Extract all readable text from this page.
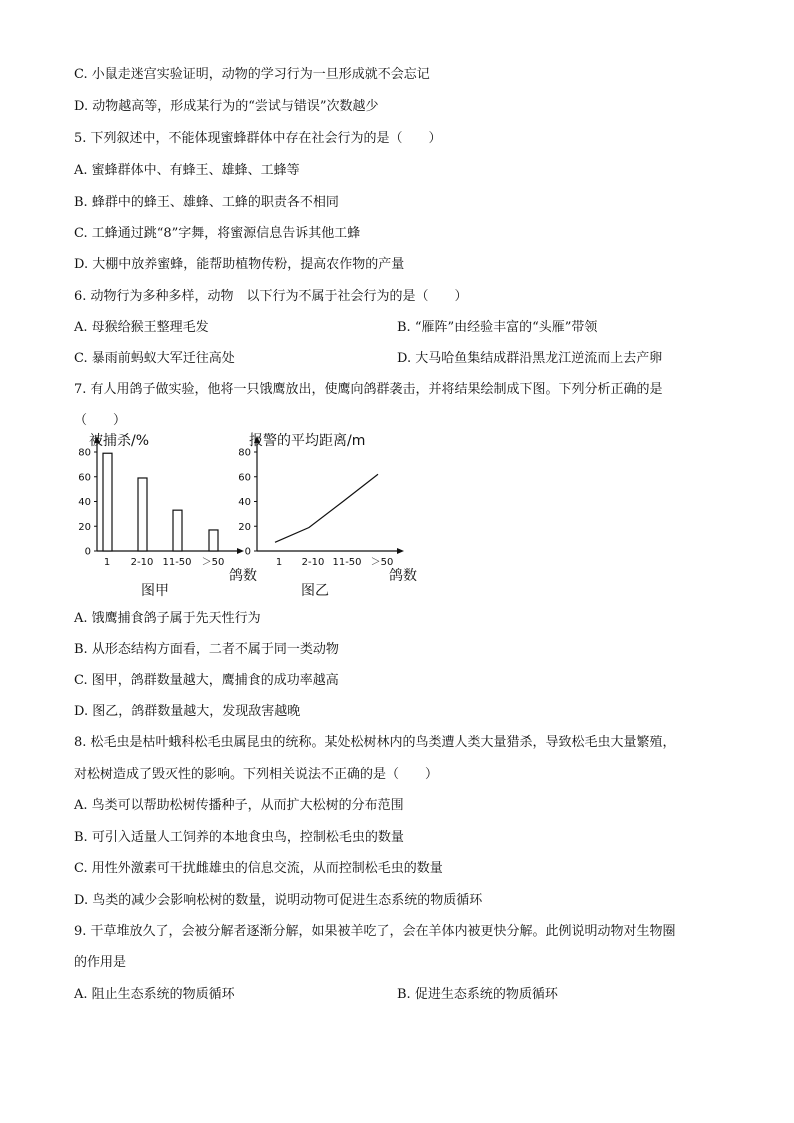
C. 小鼠走迷宫实验证明，动物的学习行为一旦形成就不会忘记
D. 动物越高等，形成某行为的“尝试与错误”次数越少
5. 下列叙述中，不能体现蜜蜂群体中存在社会行为的是（　　）
A. 蜜蜂群体中、有蜂王、雄蜂、工蜂等
B. 蜂群中的蜂王、雄蜂、工蜂的职责各不相同
C. 工蜂通过跳“8”字舞，将蜜源信息告诉其他工蜂
D. 大棚中放养蜜蜂，能帮助植物传粉，提高农作物的产量
6. 动物行为多种多样，动物　以下行为不属于社会行为的是（　　）
A. 母猴给猴王整理毛发	B. “雁阵”由经验丰富的“头雁”带领
C. 暴雨前蚂蚁大军迁往高处	D. 大马哈鱼集结成群沿黑龙江逆流而上去产卵
7. 有人用鸽子做实验，他将一只饿鹰放出，使鹰向鸽群袭击，并将结果绘制成下图。下列分析正确的是
（　　）
0
20
40
60
80
被捕杀/%
1 2-10 11-50 ＞50
鸽数
图甲
0
20
40
60
80
报警的平均距离/m
1 2-10 11-50 ＞50
鸽数
图乙
A. 饿鹰捕食鸽子属于先天性行为
B. 从形态结构方面看，二者不属于同一类动物
C. 图甲，鸽群数量越大，鹰捕食的成功率越高
D. 图乙，鸽群数量越大，发现敌害越晚
8. 松毛虫是枯叶蛾科松毛虫属昆虫的统称。某处松树林内的鸟类遭人类大量猎杀，导致松毛虫大量繁殖，
对松树造成了毁灭性的影响。下列相关说法不正确的是（　　）
A. 鸟类可以帮助松树传播种子，从而扩大松树的分布范围
B. 可引入适量人工饲养的本地食虫鸟，控制松毛虫的数量
C. 用性外激素可干扰雌雄虫的信息交流，从而控制松毛虫的数量
D. 鸟类的减少会影响松树的数量，说明动物可促进生态系统的物质循环
9. 干草堆放久了，会被分解者逐渐分解，如果被羊吃了，会在羊体内被更快分解。此例说明动物对生物圈
的作用是
A. 阻止生态系统的物质循环	B. 促进生态系统的物质循环
